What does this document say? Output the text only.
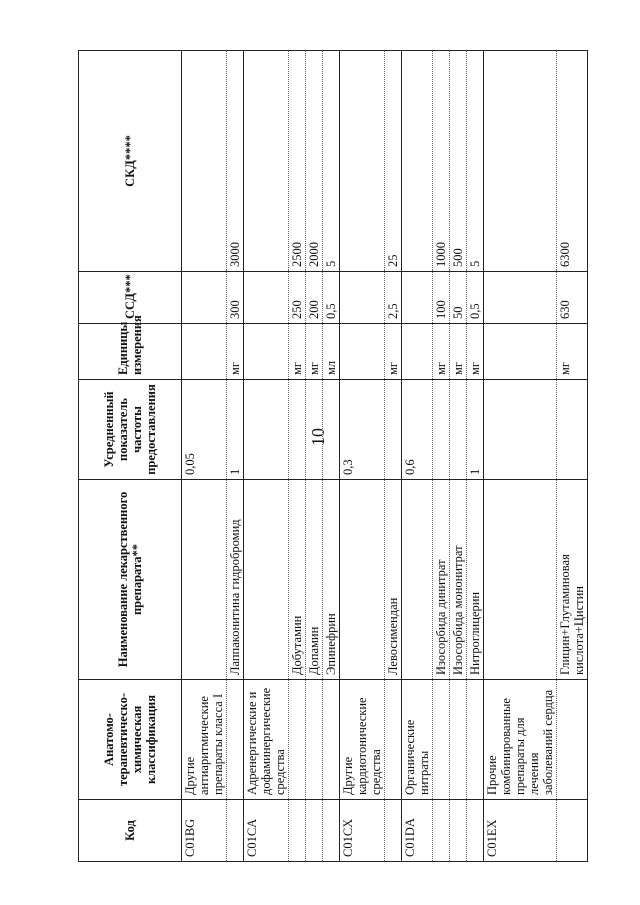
10
Код	Анатомо-терапевтическо-химическая классификация	Наименование лекарственного препарата**	Усредненный показатель частоты предоставления	Единицы измерения	ССД***	СКД****
C01BG	Другие антиаритмические препараты класса I		0,05			
		Лаппаконитина гидробромид	1	мг	300	3000
C01CA	Адренергические и дофаминергические средства					
		Добутамин		мг	250	2500
		Допамин		мг	200	2000
		Эпинефрин		мл	0,5	5
C01CX	Другие кардиотонические средства		0,3			
		Левосимендан		мг	2,5	25
C01DA	Органические нитраты		0,6			
		Изосорбида динитрат		мг	100	1000
		Изосорбида мононитрат		мг	50	500
		Нитроглицерин	1	мг	0,5	5
C01EX	Прочие комбинированные препараты для лечения заболеваний сердца					
		Глицин+Глутаминовая кислота+Цистин		мг	630	6300
